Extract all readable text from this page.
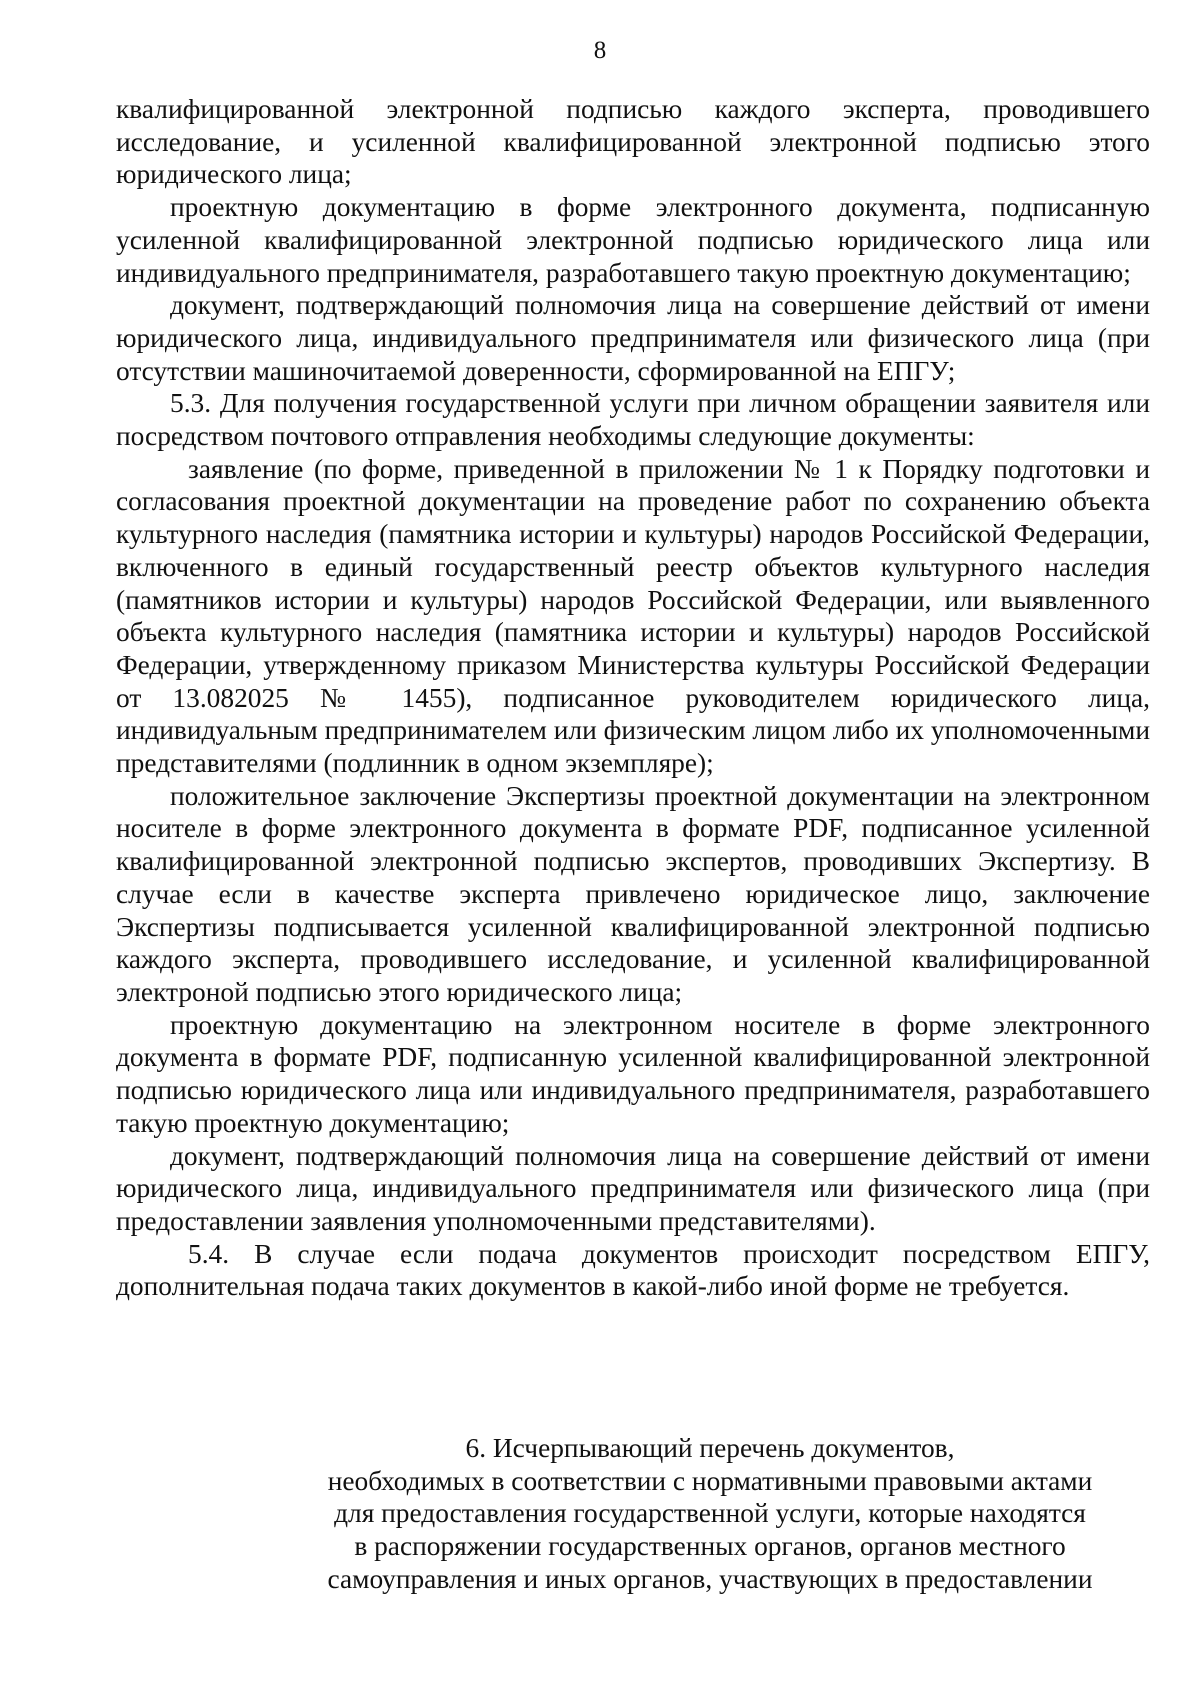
8

квалифицированной электронной подписью каждого эксперта, проводившего исследование, и усиленной квалифицированной электронной подписью этого юридического лица;

проектную документацию в форме электронного документа, подписанную усиленной квалифицированной электронной подписью юридического лица или индивидуального предпринимателя, разработавшего такую проектную документацию;

документ, подтверждающий полномочия лица на совершение действий от имени юридического лица, индивидуального предпринимателя или физического лица (при отсутствии машиночитаемой доверенности, сформированной на ЕПГУ;

5.3. Для получения государственной услуги при личном обращении заявителя или посредством почтового отправления необходимы следующие документы:

заявление (по форме, приведенной в приложении № 1 к Порядку подготовки и согласования проектной документации на проведение работ по сохранению объекта культурного наследия (памятника истории и культуры) народов Российской Федерации, включенного в единый государственный реестр объектов культурного наследия (памятников истории и культуры) народов Российской Федерации, или выявленного объекта культурного наследия (памятника истории и культуры) народов Российской Федерации, утвержденному приказом Министерства культуры Российской Федерации от 13.082025 № 1455), подписанное руководителем юридического лица, индивидуальным предпринимателем или физическим лицом либо их уполномоченными представителями (подлинник в одном экземпляре);

положительное заключение Экспертизы проектной документации на электронном носителе в форме электронного документа в формате PDF, подписанное усиленной квалифицированной электронной подписью экспертов, проводивших Экспертизу. В случае если в качестве эксперта привлечено юридическое лицо, заключение Экспертизы подписывается усиленной квалифицированной электронной подписью каждого эксперта, проводившего исследование, и усиленной квалифицированной электроной подписью этого юридического лица;

проектную документацию на электронном носителе в форме электронного документа в формате PDF, подписанную усиленной квалифицированной электронной подписью юридического лица или индивидуального предпринимателя, разработавшего такую проектную документацию;

документ, подтверждающий полномочия лица на совершение действий от имени юридического лица, индивидуального предпринимателя или физического лица (при предоставлении заявления уполномоченными представителями).

5.4. В случае если подача документов происходит посредством ЕПГУ, дополнительная подача таких документов в какой-либо иной форме не требуется.

6. Исчерпывающий перечень документов,

необходимых в соответствии с нормативными правовыми актами

для предоставления государственной услуги, которые находятся

в распоряжении государственных органов, органов местного

самоуправления и иных органов, участвующих в предоставлении
